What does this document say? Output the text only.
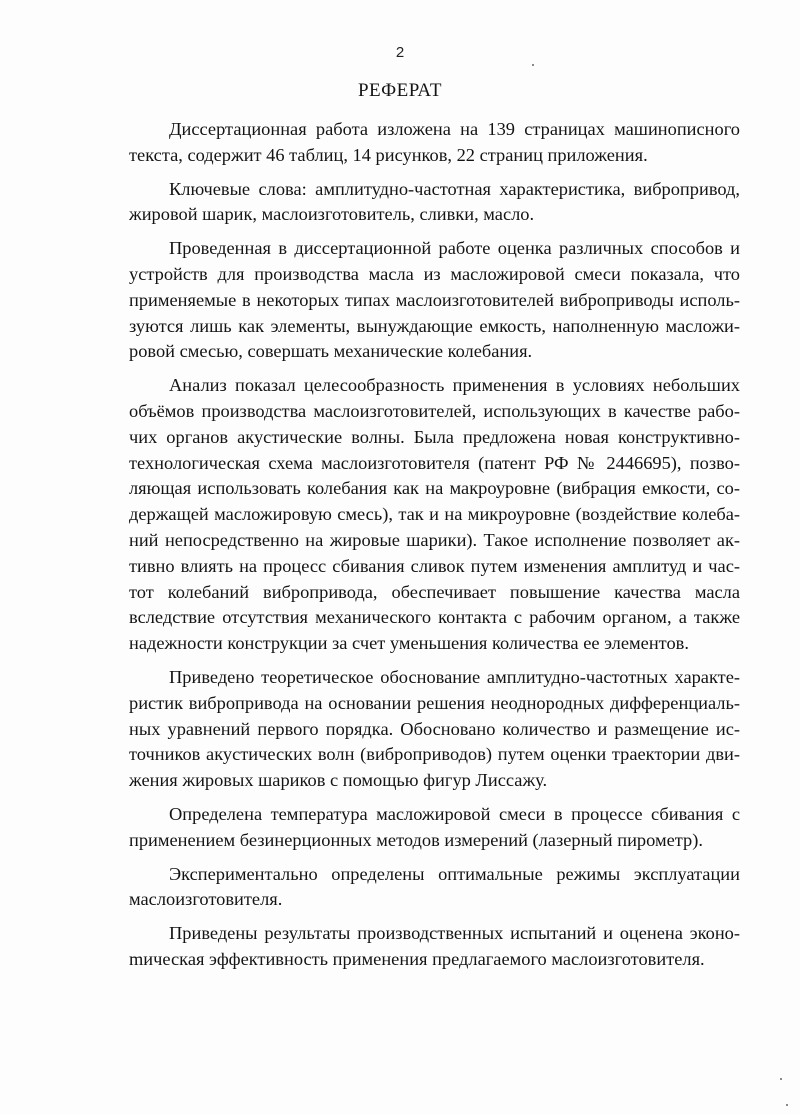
2
РЕФЕРАТ

Диссертационная работа изложена на 139 страницах машинописного текста, содержит 46 таблиц, 14 рисунков, 22 страниц приложения.

Ключевые слова: амплитудно-частотная характеристика, вибропривод, жировой шарик, маслоизготовитель, сливки, масло.

Проведенная в диссертационной работе оценка различных способов и устройств для производства масла из масложировой смеси показала, что применяемые в некоторых типах маслоизготовителей виброприводы используются лишь как элементы, вынуждающие емкость, наполненную масложировой смесью, совершать механические колебания.

Анализ показал целесообразность применения в условиях небольших объёмов производства маслоизготовителей, использующих в качестве рабочих органов акустические волны. Была предложена новая конструктивно-технологическая схема маслоизготовителя (патент РФ № 2446695), позволяющая использовать колебания как на макроуровне (вибрация емкости, содержащей масложировую смесь), так и на микроуровне (воздействие колебаний непосредственно на жировые шарики). Такое исполнение позволяет активно влиять на процесс сбивания сливок путем изменения амплитуд и частот колебаний вибропривода, обеспечивает повышение качества масла вследствие отсутствия механического контакта с рабочим органом, а также надежности конструкции за счет уменьшения количества ее элементов.

Приведено теоретическое обоснование амплитудно-частотных характеристик вибропривода на основании решения неоднородных дифференциальных уравнений первого порядка. Обосновано количество и размещение источников акустических волн (виброприводов) путем оценки траектории движения жировых шариков с помощью фигур Лиссажу.

Определена температура масложировой смеси в процессе сбивания с применением безинерционных методов измерений (лазерный пирометр).

Экспериментально определены оптимальные режимы эксплуатации маслоизготовителя.

Приведены результаты производственных испытаний и оценена эконоmическая эффективность применения предлагаемого маслоизготовителя.
